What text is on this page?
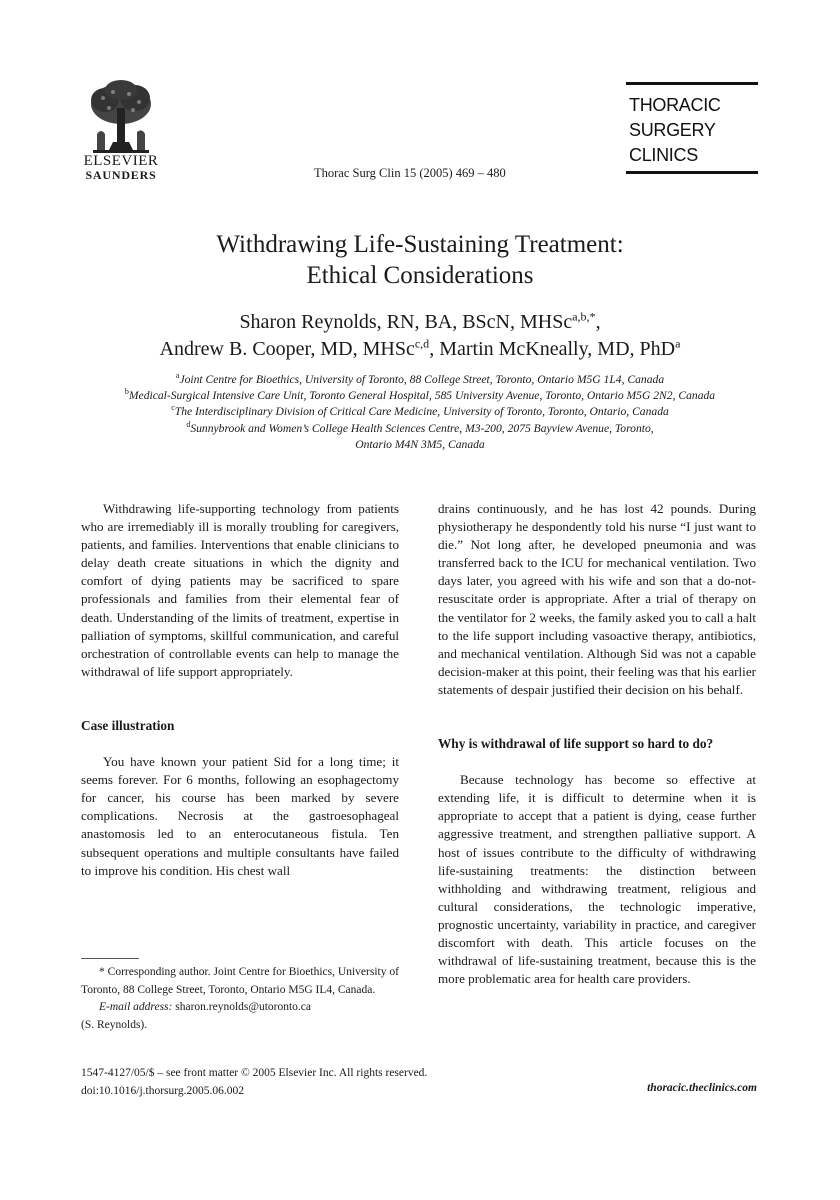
ELSEVIER
SAUNDERS	Thorac Surg Clin 15 (2005) 469 – 480
THORACIC
SURGERY
CLINICS
Withdrawing Life-Sustaining Treatment:
Ethical Considerations
Sharon Reynolds, RN, BA, BScN, MHSc$^{a,b,*}$,
Andrew B. Cooper, MD, MHSc$^{c,d}$, Martin McKneally, MD, PhD$^a$
$^a$Joint Centre for Bioethics, University of Toronto, 88 College Street, Toronto, Ontario M5G 1L4, Canada
$^b$Medical-Surgical Intensive Care Unit, Toronto General Hospital, 585 University Avenue, Toronto, Ontario M5G 2N2, Canada
$^c$The Interdisciplinary Division of Critical Care Medicine, University of Toronto, Toronto, Ontario, Canada
$^d$Sunnybrook and Women’s College Health Sciences Centre, M3-200, 2075 Bayview Avenue, Toronto,
Ontario M4N 3M5, Canada

Withdrawing life-supporting technology from patients who are irremediably ill is morally troubling for caregivers, patients, and families. Interventions that enable clinicians to delay death create situations in which the dignity and comfort of dying patients may be sacrificed to spare professionals and families from their elemental fear of death. Understanding of the limits of treatment, expertise in palliation of symptoms, skillful communication, and careful orchestration of controllable events can help to manage the withdrawal of life support appropriately.

Case illustration

You have known your patient Sid for a long time; it seems forever. For 6 months, following an esophagectomy for cancer, his course has been marked by severe complications. Necrosis at the gastroesophageal anastomosis led to an enterocutaneous fistula. Ten subsequent operations and multiple consultants have failed to improve his condition. His chest wall

* Corresponding author. Joint Centre for Bioethics, University of Toronto, 88 College Street, Toronto, Ontario M5G IL4, Canada.

E-mail address: sharon.reynolds@utoronto.ca

(S. Reynolds).

drains continuously, and he has lost 42 pounds. During physiotherapy he despondently told his nurse “I just want to die.” Not long after, he developed pneumonia and was transferred back to the ICU for mechanical ventilation. Two days later, you agreed with his wife and son that a do-not-resuscitate order is appropriate. After a trial of therapy on the ventilator for 2 weeks, the family asked you to call a halt to the life support including vasoactive therapy, antibiotics, and mechanical ventilation. Although Sid was not a capable decision-maker at this point, their feeling was that his earlier statements of despair justified their decision on his behalf.

Why is withdrawal of life support so hard to do?

Because technology has become so effective at extending life, it is difficult to determine when it is appropriate to accept that a patient is dying, cease further aggressive treatment, and strengthen palliative support. A host of issues contribute to the difficulty of withdrawing life-sustaining treatments: the distinction between withholding and withdrawing treatment, religious and cultural considerations, the technologic imperative, prognostic uncertainty, variability in practice, and caregiver discomfort with death. This article focuses on the withdrawal of life-sustaining treatment, because this is the more problematic area for health care providers.

1547-4127/05/$ – see front matter © 2005 Elsevier Inc. All rights reserved.
doi:10.1016/j.thorsurg.2005.06.002	thoracic.theclinics.com
